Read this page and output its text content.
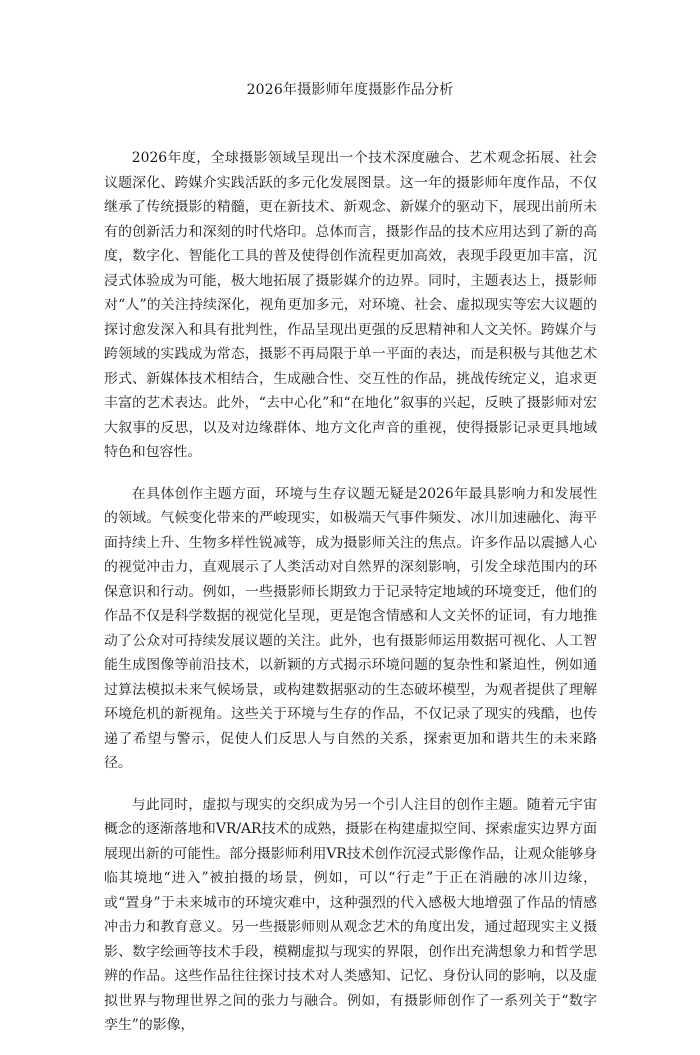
2026年摄影师年度摄影作品分析

2026年度，全球摄影领域呈现出一个技术深度融合、艺术观念拓展、社会议题深化、跨媒介实践活跃的多元化发展图景。这一年的摄影师年度作品，不仅继承了传统摄影的精髓，更在新技术、新观念、新媒介的驱动下，展现出前所未有的创新活力和深刻的时代烙印。总体而言，摄影作品的技术应用达到了新的高度，数字化、智能化工具的普及使得创作流程更加高效，表现手段更加丰富，沉浸式体验成为可能，极大地拓展了摄影媒介的边界。同时，主题表达上，摄影师对“人”的关注持续深化，视角更加多元，对环境、社会、虚拟现实等宏大议题的探讨愈发深入和具有批判性，作品呈现出更强的反思精神和人文关怀。跨媒介与跨领域的实践成为常态，摄影不再局限于单一平面的表达，而是积极与其他艺术形式、新媒体技术相结合，生成融合性、交互性的作品，挑战传统定义，追求更丰富的艺术表达。此外，“去中心化”和“在地化”叙事的兴起，反映了摄影师对宏大叙事的反思，以及对边缘群体、地方文化声音的重视，使得摄影记录更具地域特色和包容性。

在具体创作主题方面，环境与生存议题无疑是2026年最具影响力和发展性的领域。气候变化带来的严峻现实，如极端天气事件频发、冰川加速融化、海平面持续上升、生物多样性锐减等，成为摄影师关注的焦点。许多作品以震撼人心的视觉冲击力，直观展示了人类活动对自然界的深刻影响，引发全球范围内的环保意识和行动。例如，一些摄影师长期致力于记录特定地域的环境变迁，他们的作品不仅是科学数据的视觉化呈现，更是饱含情感和人文关怀的证词，有力地推动了公众对可持续发展议题的关注。此外，也有摄影师运用数据可视化、人工智能生成图像等前沿技术，以新颖的方式揭示环境问题的复杂性和紧迫性，例如通过算法模拟未来气候场景，或构建数据驱动的生态破坏模型，为观者提供了理解环境危机的新视角。这些关于环境与生存的作品，不仅记录了现实的残酷，也传递了希望与警示，促使人们反思人与自然的关系，探索更加和谐共生的未来路径。

与此同时，虚拟与现实的交织成为另一个引人注目的创作主题。随着元宇宙概念的逐渐落地和VR/AR技术的成熟，摄影在构建虚拟空间、探索虚实边界方面展现出新的可能性。部分摄影师利用VR技术创作沉浸式影像作品，让观众能够身临其境地“进入”被拍摄的场景，例如，可以“行走”于正在消融的冰川边缘，或“置身”于未来城市的环境灾难中，这种强烈的代入感极大地增强了作品的情感冲击力和教育意义。另一些摄影师则从观念艺术的角度出发，通过超现实主义摄影、数字绘画等技术手段，模糊虚拟与现实的界限，创作出充满想象力和哲学思辨的作品。这些作品往往探讨技术对人类感知、记忆、身份认同的影响，以及虚拟世界与物理世界之间的张力与融合。例如，有摄影师创作了一系列关于“数字孪生”的影像，
